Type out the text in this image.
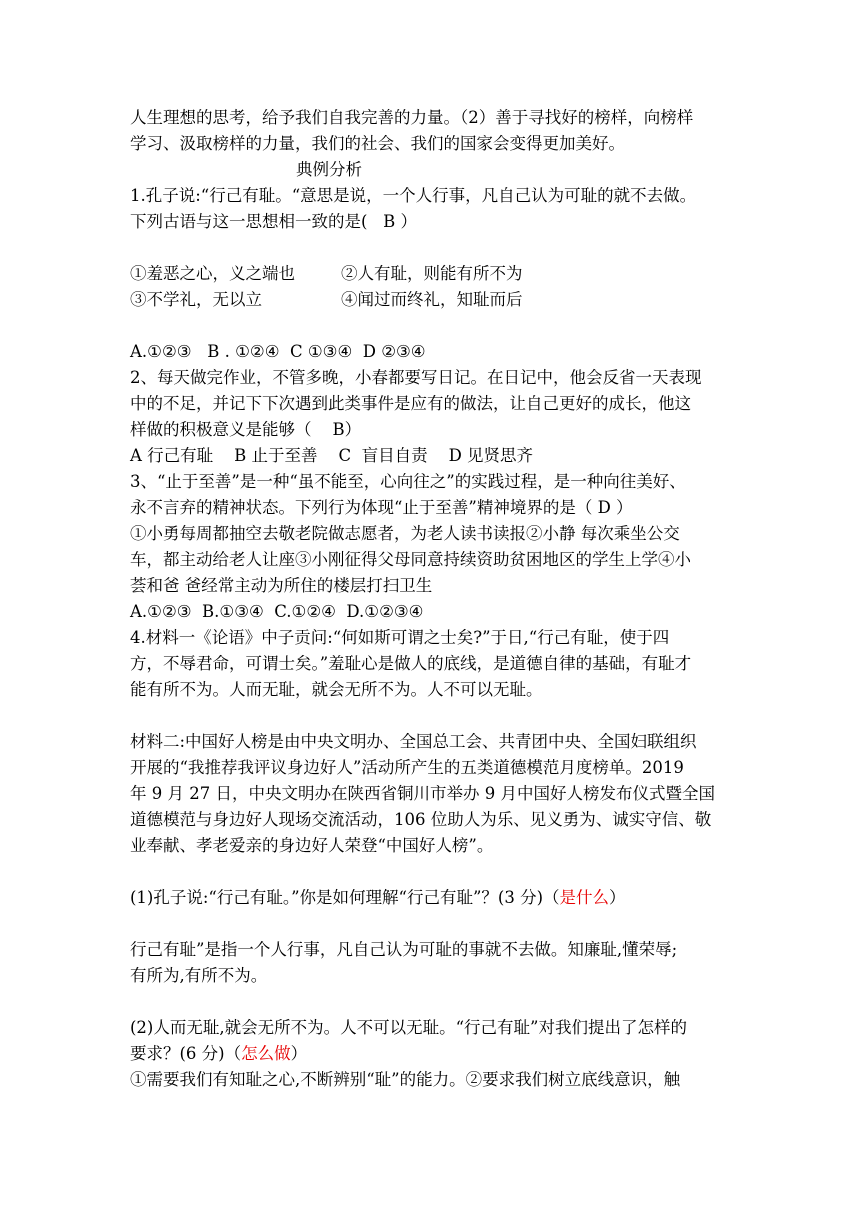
人生理想的思考，给予我们自我完善的力量。（2）善于寻找好的榜样，向榜样
学习、汲取榜样的力量，我们的社会、我们的国家会变得更加美好。
典例分析
1.孔子说:“行己有耻。“意思是说，一个人行事，凡自己认为可耻的就不去做。
下列古语与这一思想相一致的是(   B ）
①羞恶之心，义之端也	②人有耻，则能有所不为
③不学礼，无以立	④闻过而终礼，知耻而后
A.①②③   B . ①②④  C ①③④  D ②③④
2、每天做完作业，不管多晚，小春都要写日记。在日记中，他会反省一天表现
中的不足，并记下下次遇到此类事件是应有的做法，让自己更好的成长，他这
样做的积极意义是能够（    B）
A 行己有耻    B 止于至善    C  盲目自责    D 见贤思齐
3、“止于至善”是一种“虽不能至，心向往之”的实践过程，是一种向往美好、
永不言弃的精神状态。下列行为体现“止于至善”精神境界的是（ D ）
①小勇每周都抽空去敬老院做志愿者，为老人读书读报②小静 每次乘坐公交
车，都主动给老人让座③小刚征得父母同意持续资助贫困地区的学生上学④小
荟和爸 爸经常主动为所住的楼层打扫卫生
A.①②③  B.①③④  C.①②④  D.①②③④
4.材料一《论语》中子贡问:“何如斯可谓之士矣?”于日,“行己有耻，使于四
方，不辱君命，可谓士矣。”羞耻心是做人的底线，是道德自律的基础，有耻才
能有所不为。人而无耻，就会无所不为。人不可以无耻。
材料二:中国好人榜是由中央文明办、全国总工会、共青团中央、全国妇联组织
开展的“我推荐我评议身边好人”活动所产生的五类道德模范月度榜单。2019
年 9 月 27 日，中央文明办在陕西省铜川市举办 9 月中国好人榜发布仪式暨全国
道德模范与身边好人现场交流活动，106 位助人为乐、见义勇为、诚实守信、敬
业奉献、孝老爱亲的身边好人荣登“中国好人榜”。
(1)孔子说:“行己有耻。”你是如何理解“行己有耻”？(3 分)（是什么）
行己有耻”是指一个人行事，凡自己认为可耻的事就不去做。知廉耻,懂荣辱;
有所为,有所不为。
(2)人而无耻,就会无所不为。人不可以无耻。“行己有耻”对我们提出了怎样的
要求？(6 分)（怎么做）
①需要我们有知耻之心,不断辨别“耻”的能力。②要求我们树立底线意识，触
